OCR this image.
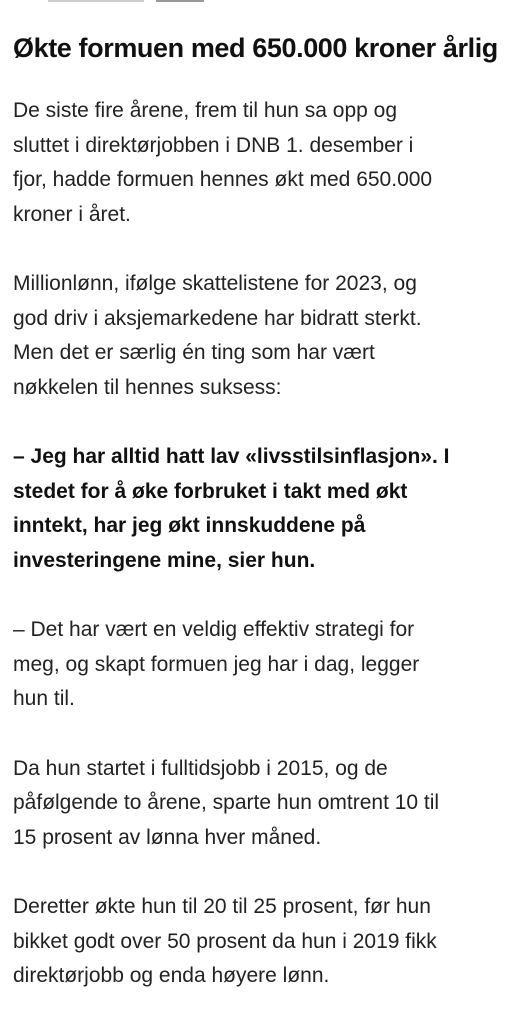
Økte formuen med 650.000 kroner årlig

De siste fire årene, frem til hun sa opp og
sluttet i direktørjobben i DNB 1. desember i
fjor, hadde formuen hennes økt med 650.000
kroner i året.

Millionlønn, ifølge skattelistene for 2023, og
god driv i aksjemarkedene har bidratt sterkt.
Men det er særlig én ting som har vært
nøkkelen til hennes suksess:

– Jeg har alltid hatt lav «livsstilsinflasjon». I
stedet for å øke forbruket i takt med økt
inntekt, har jeg økt innskuddene på
investeringene mine, sier hun.

– Det har vært en veldig effektiv strategi for
meg, og skapt formuen jeg har i dag, legger
hun til.

Da hun startet i fulltidsjobb i 2015, og de
påfølgende to årene, sparte hun omtrent 10 til
15 prosent av lønna hver måned.

Deretter økte hun til 20 til 25 prosent, før hun
bikket godt over 50 prosent da hun i 2019 fikk
direktørjobb og enda høyere lønn.
